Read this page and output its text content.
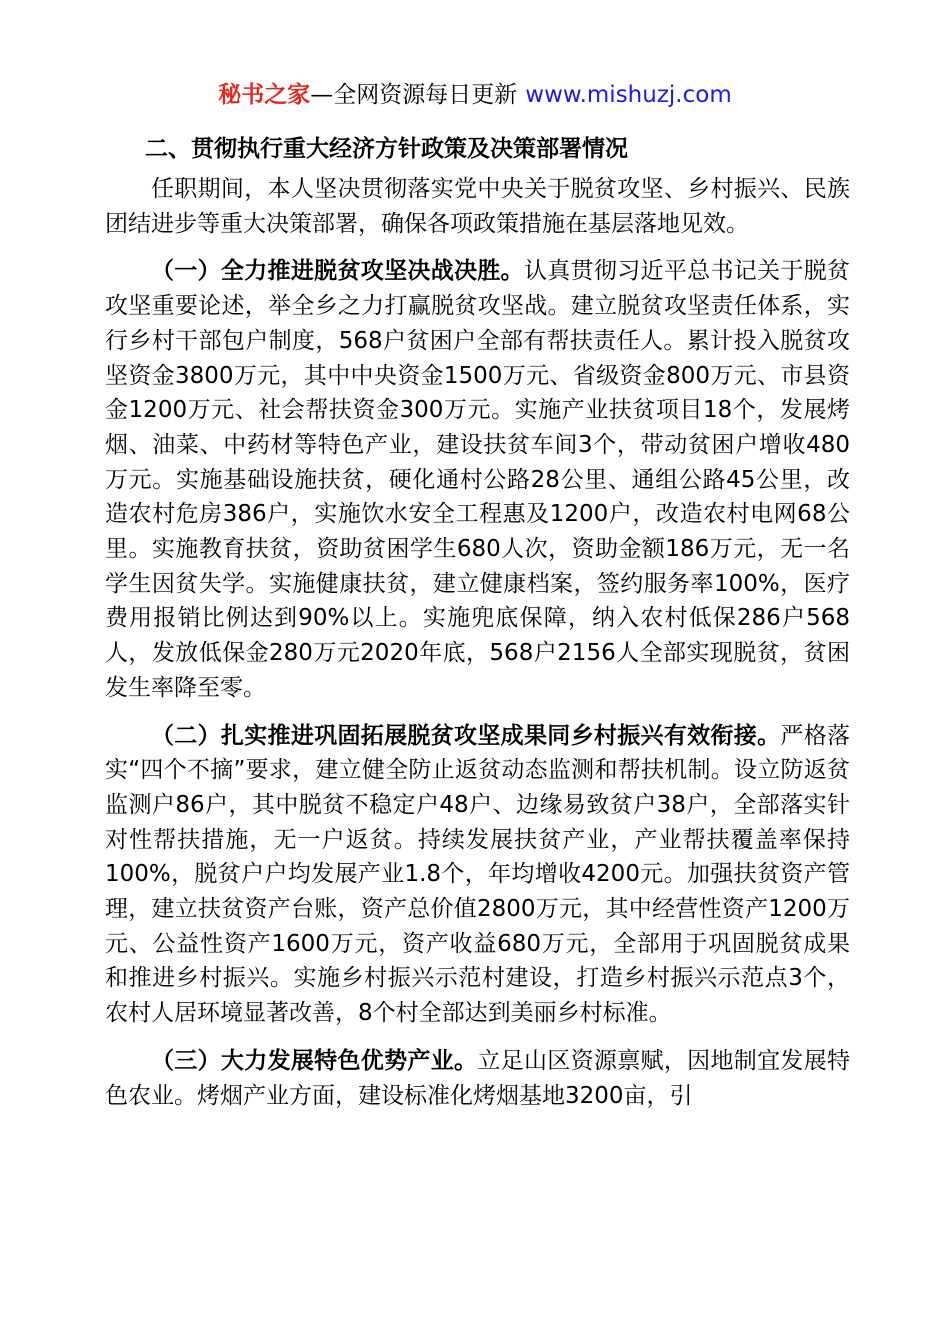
秘书之家—全网资源每日更新 www.mishuzj.com
二、贯彻执行重大经济方针政策及决策部署情况

任职期间，本人坚决贯彻落实党中央关于脱贫攻坚、乡村振兴、民族团结进步等重大决策部署，确保各项政策措施在基层落地见效。

（一）全力推进脱贫攻坚决战决胜。认真贯彻习近平总书记关于脱贫攻坚重要论述，举全乡之力打赢脱贫攻坚战。建立脱贫攻坚责任体系，实行乡村干部包户制度，568户贫困户全部有帮扶责任人。累计投入脱贫攻坚资金3800万元，其中中央资金1500万元、省级资金800万元、市县资金1200万元、社会帮扶资金300万元。实施产业扶贫项目18个，发展烤烟、油菜、中药材等特色产业，建设扶贫车间3个，带动贫困户增收480万元。实施基础设施扶贫，硬化通村公路28公里、通组公路45公里，改造农村危房386户，实施饮水安全工程惠及1200户，改造农村电网68公里。实施教育扶贫，资助贫困学生680人次，资助金额186万元，无一名学生因贫失学。实施健康扶贫，建立健康档案，签约服务率100%，医疗费用报销比例达到90%以上。实施兜底保障，纳入农村低保286户568人，发放低保金280万元2020年底，568户2156人全部实现脱贫，贫困发生率降至零。

（二）扎实推进巩固拓展脱贫攻坚成果同乡村振兴有效衔接。严格落实“四个不摘”要求，建立健全防止返贫动态监测和帮扶机制。设立防返贫监测户86户，其中脱贫不稳定户48户、边缘易致贫户38户，全部落实针对性帮扶措施，无一户返贫。持续发展扶贫产业，产业帮扶覆盖率保持100%，脱贫户户均发展产业1.8个，年均增收4200元。加强扶贫资产管理，建立扶贫资产台账，资产总价值2800万元，其中经营性资产1200万元、公益性资产1600万元，资产收益680万元，全部用于巩固脱贫成果和推进乡村振兴。实施乡村振兴示范村建设，打造乡村振兴示范点3个，农村人居环境显著改善，8个村全部达到美丽乡村标准。

（三）大力发展特色优势产业。立足山区资源禀赋，因地制宜发展特色农业。烤烟产业方面，建设标准化烤烟基地3200亩，引
